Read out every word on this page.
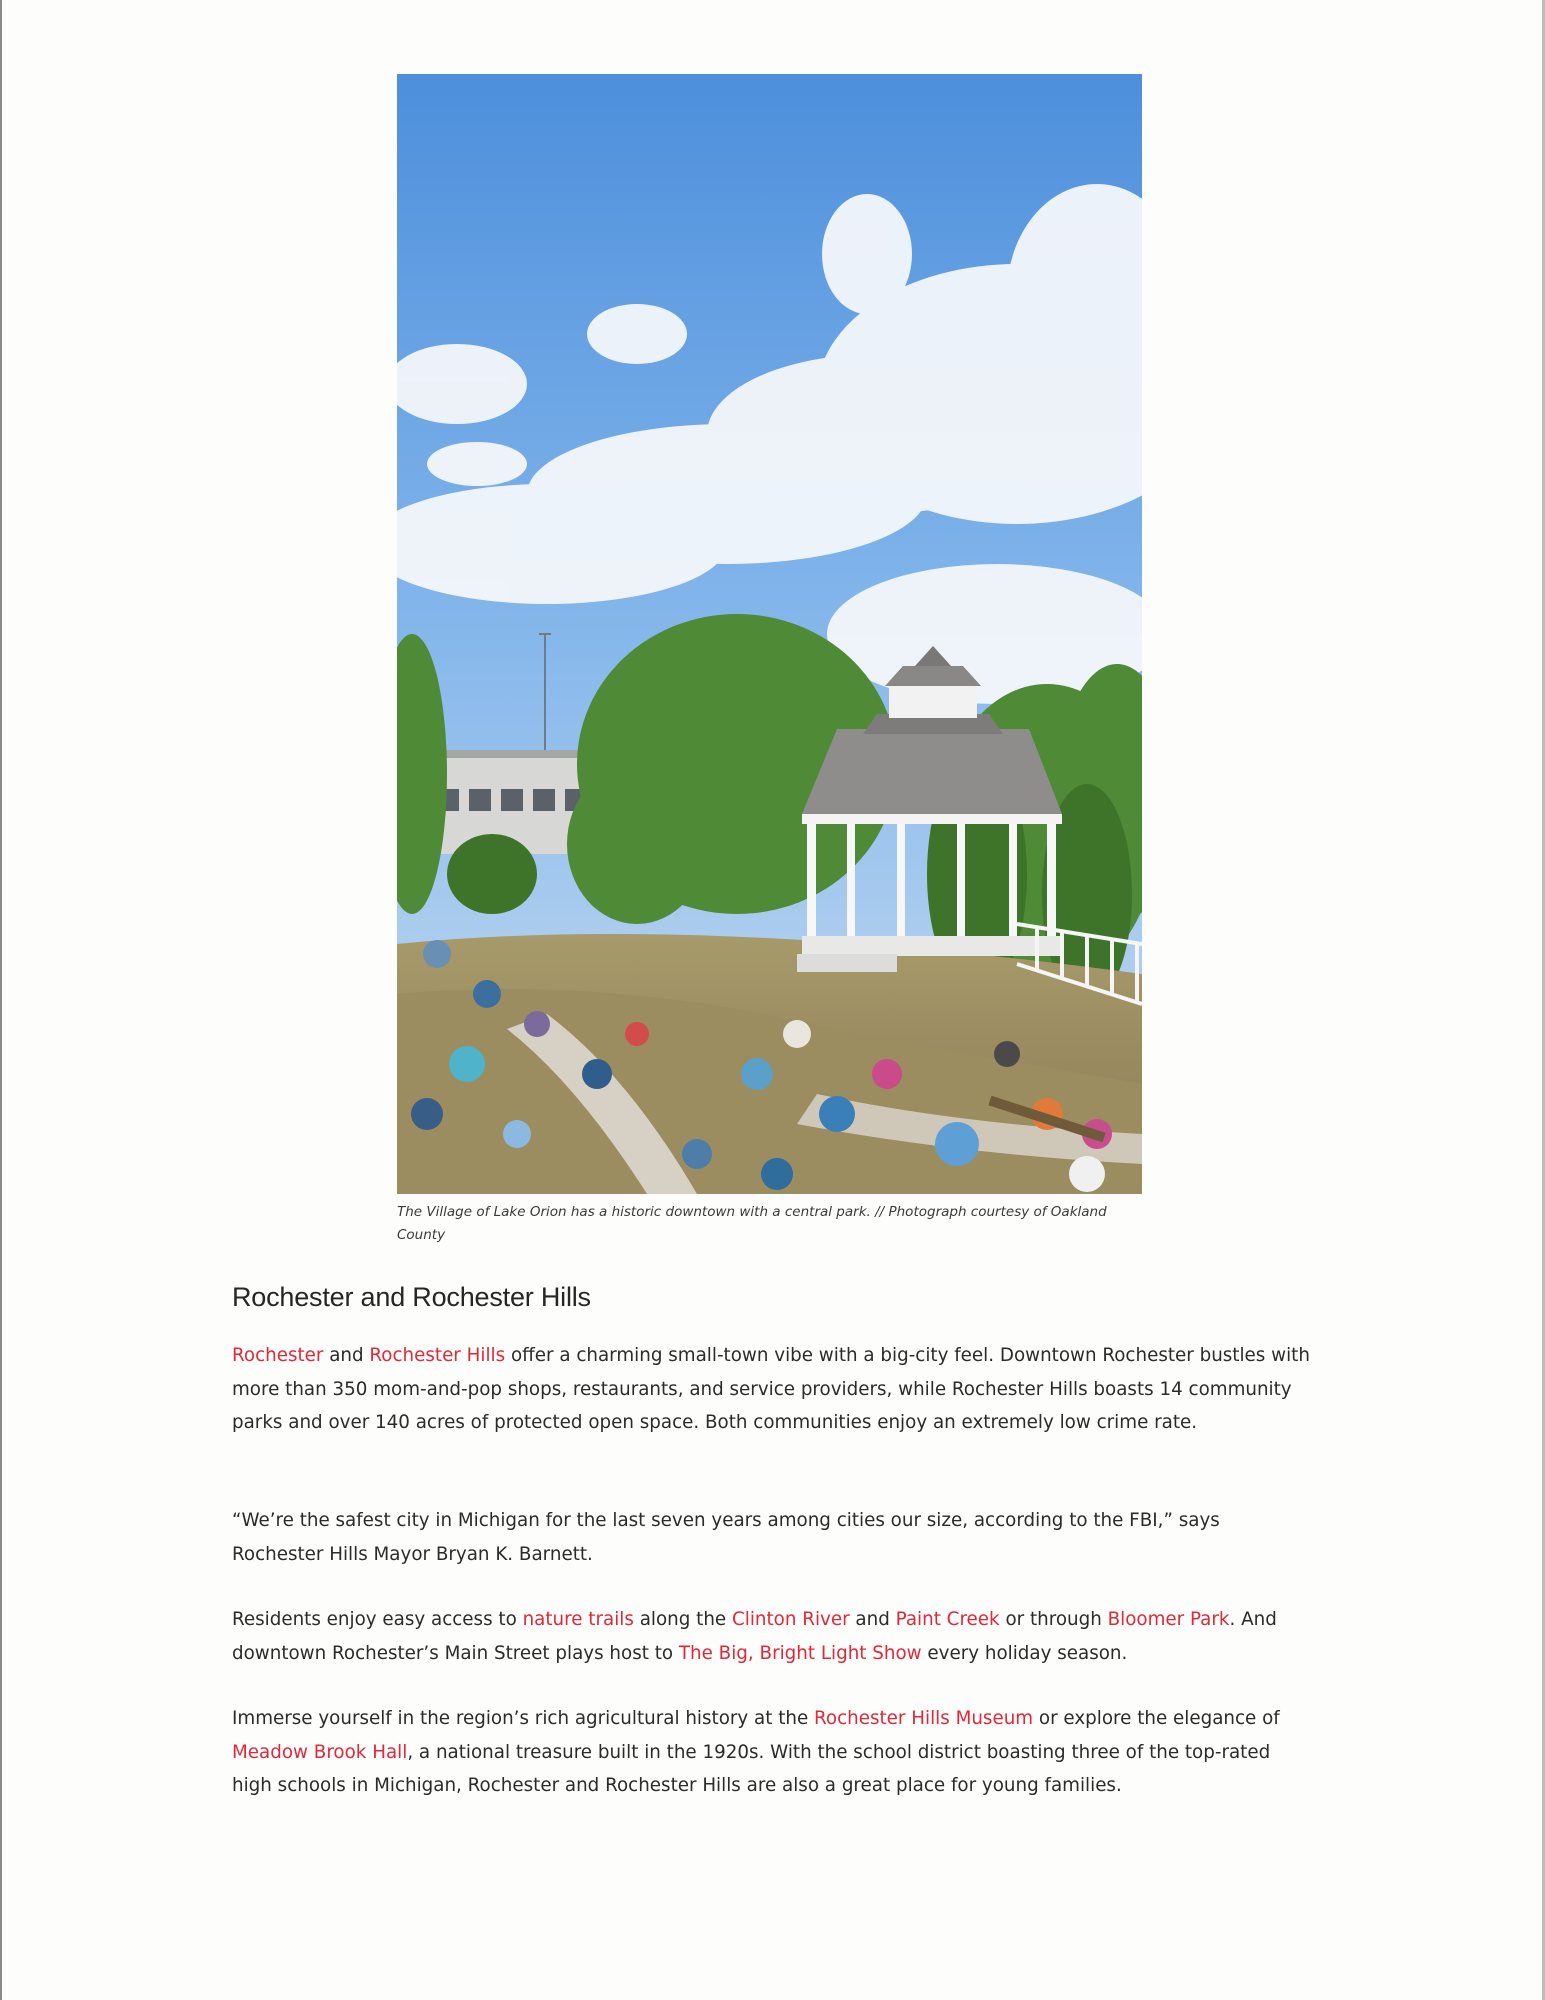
The Village of Lake Orion has a historic downtown with a central park. // Photograph courtesy of Oakland County
Rochester and Rochester Hills

Rochester and Rochester Hills offer a charming small-town vibe with a big-city feel. Downtown Rochester bustles with more than 350 mom-and-pop shops, restaurants, and service providers, while Rochester Hills boasts 14 community parks and over 140 acres of protected open space. Both communities enjoy an extremely low crime rate.

“We’re the safest city in Michigan for the last seven years among cities our size, according to the FBI,” says Rochester Hills Mayor Bryan K. Barnett.

Residents enjoy easy access to nature trails along the Clinton River and Paint Creek or through Bloomer Park. And downtown Rochester’s Main Street plays host to The Big, Bright Light Show every holiday season.

Immerse yourself in the region’s rich agricultural history at the Rochester Hills Museum or explore the elegance of Meadow Brook Hall, a national treasure built in the 1920s. With the school district boasting three of the top-rated high schools in Michigan, Rochester and Rochester Hills are also a great place for young families.
